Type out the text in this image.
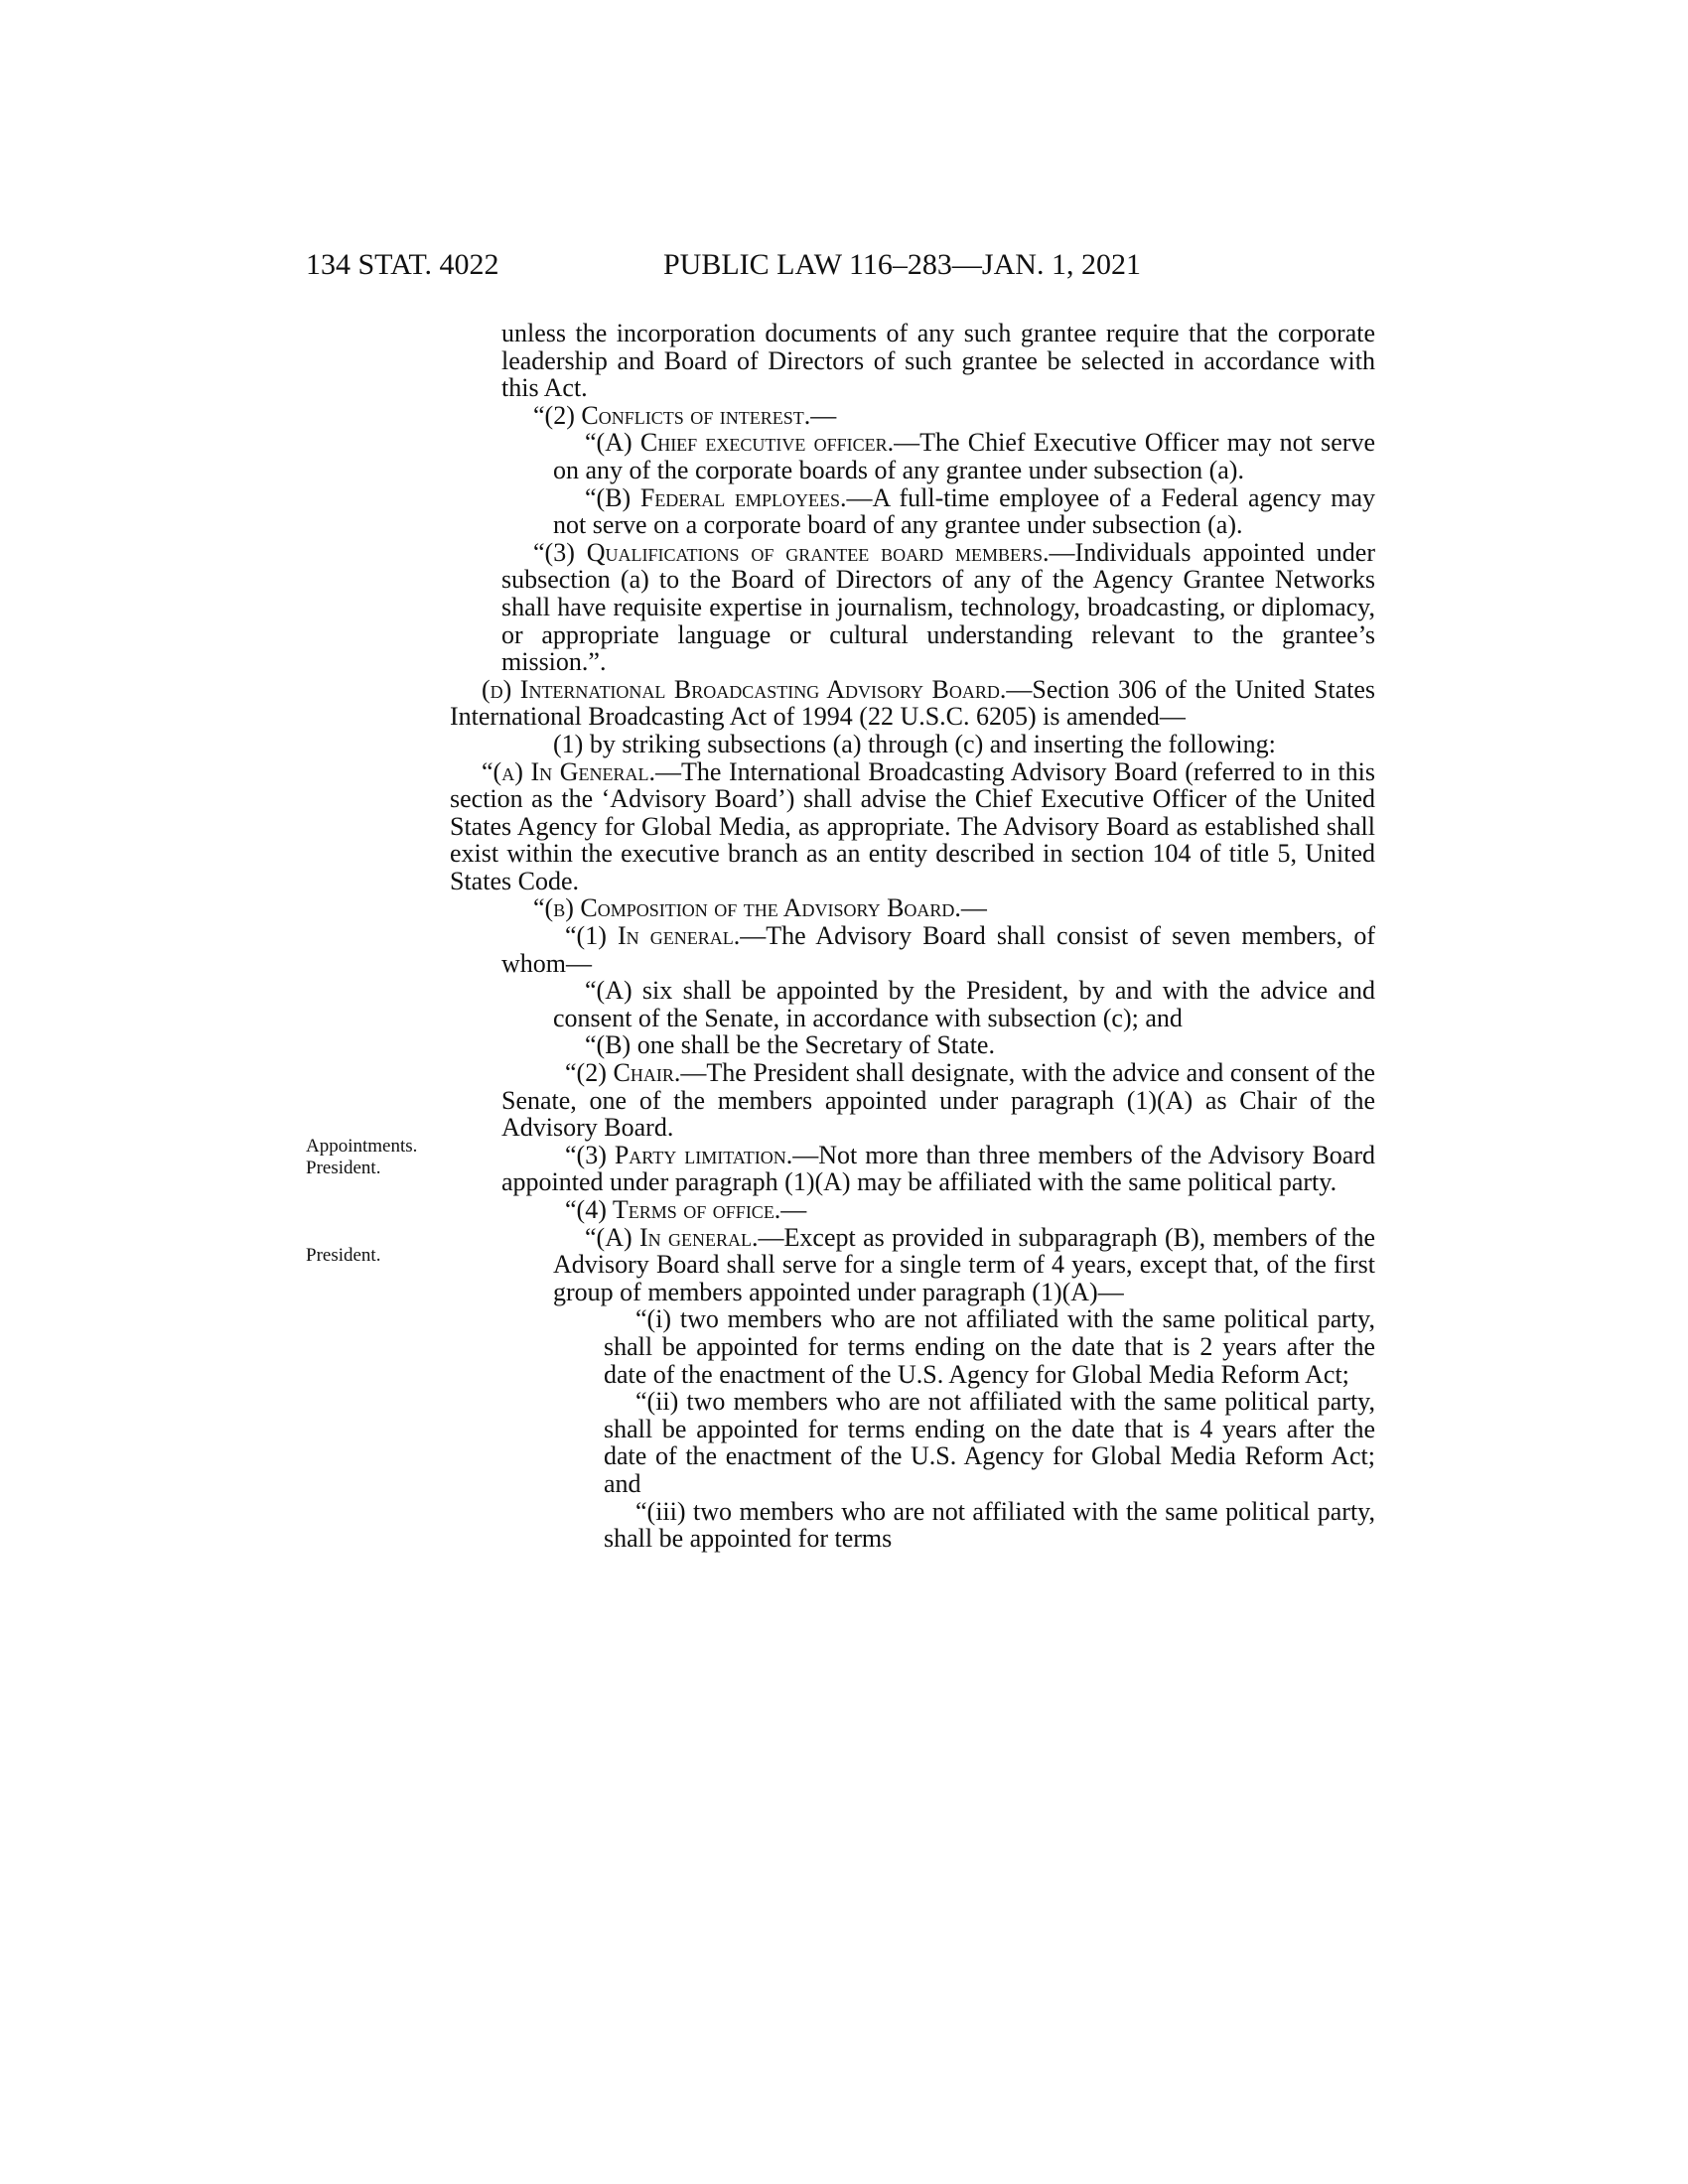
134 STAT. 4022	PUBLIC LAW 116–283—JAN. 1, 2021
Appointments.
President.
President.

unless the incorporation documents of any such grantee require that the corporate leadership and Board of Directors of such grantee be selected in accordance with this Act.

“(2) Conflicts of interest.—

“(A) Chief executive officer.—The Chief Executive Officer may not serve on any of the corporate boards of any grantee under subsection (a).

“(B) Federal employees.—A full-time employee of a Federal agency may not serve on a corporate board of any grantee under subsection (a).

“(3) Qualifications of grantee board members.—Individuals appointed under subsection (a) to the Board of Directors of any of the Agency Grantee Networks shall have requisite expertise in journalism, technology, broadcasting, or diplomacy, or appropriate language or cultural understanding relevant to the grantee’s mission.”.

(d) International Broadcasting Advisory Board.—Section 306 of the United States International Broadcasting Act of 1994 (22 U.S.C. 6205) is amended—

(1) by striking subsections (a) through (c) and inserting the following:

“(a) In General.—The International Broadcasting Advisory Board (referred to in this section as the ‘Advisory Board’) shall advise the Chief Executive Officer of the United States Agency for Global Media, as appropriate. The Advisory Board as established shall exist within the executive branch as an entity described in section 104 of title 5, United States Code.

“(b) Composition of the Advisory Board.—

“(1) In general.—The Advisory Board shall consist of seven members, of whom—

“(A) six shall be appointed by the President, by and with the advice and consent of the Senate, in accordance with subsection (c); and

“(B) one shall be the Secretary of State.

“(2) Chair.—The President shall designate, with the advice and consent of the Senate, one of the members appointed under paragraph (1)(A) as Chair of the Advisory Board.

“(3) Party limitation.—Not more than three members of the Advisory Board appointed under paragraph (1)(A) may be affiliated with the same political party.

“(4) Terms of office.—

“(A) In general.—Except as provided in subparagraph (B), members of the Advisory Board shall serve for a single term of 4 years, except that, of the first group of members appointed under paragraph (1)(A)—

“(i) two members who are not affiliated with the same political party, shall be appointed for terms ending on the date that is 2 years after the date of the enactment of the U.S. Agency for Global Media Reform Act;

“(ii) two members who are not affiliated with the same political party, shall be appointed for terms ending on the date that is 4 years after the date of the enactment of the U.S. Agency for Global Media Reform Act; and

“(iii) two members who are not affiliated with the same political party, shall be appointed for terms
